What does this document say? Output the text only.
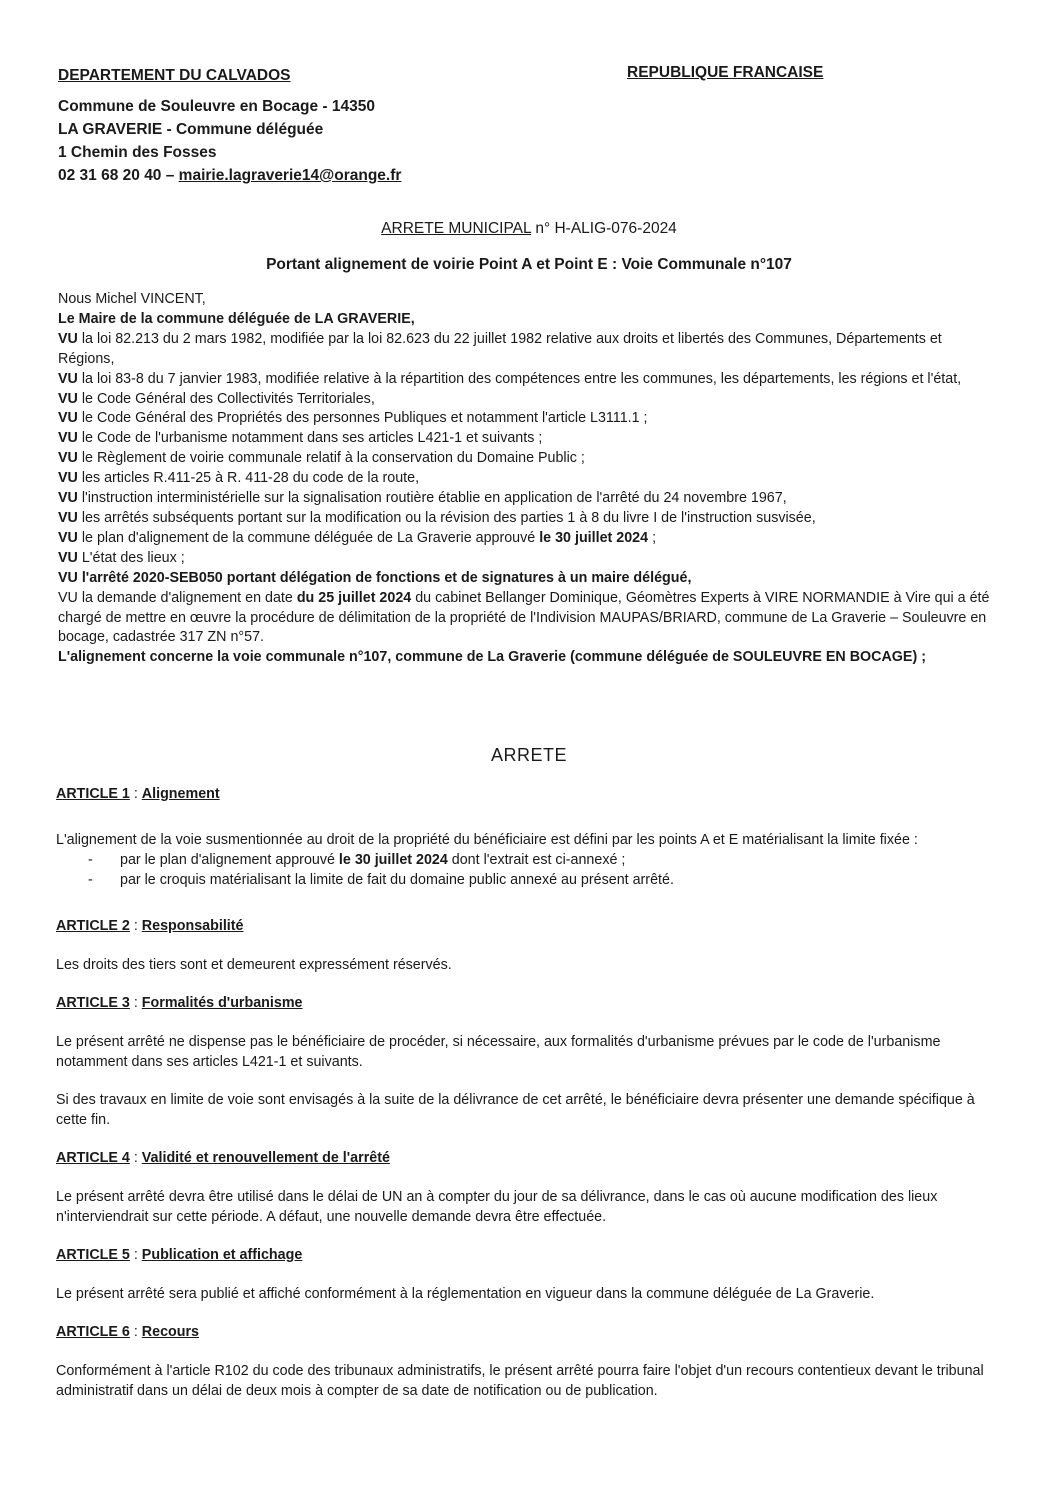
DEPARTEMENT DU CALVADOS
Commune de Souleuvre en Bocage - 14350
LA GRAVERIE - Commune déléguée
1 Chemin des Fosses
02 31 68 20 40 – mairie.lagraverie14@orange.fr
REPUBLIQUE FRANCAISE
ARRETE MUNICIPAL n° H-ALIG-076-2024
Portant alignement de voirie Point A et Point E : Voie Communale n°107

Nous Michel VINCENT,

Le Maire de la commune déléguée de LA GRAVERIE,

VU la loi 82.213 du 2 mars 1982, modifiée par la loi 82.623 du 22 juillet 1982 relative aux droits et libertés des Communes, Départements et Régions,

VU la loi 83-8 du 7 janvier 1983, modifiée relative à la répartition des compétences entre les communes, les départements, les régions et l'état,

VU le Code Général des Collectivités Territoriales,

VU le Code Général des Propriétés des personnes Publiques et notamment l'article L3111.1 ;

VU le Code de l'urbanisme notamment dans ses articles L421-1 et suivants ;

VU le Règlement de voirie communale relatif à la conservation du Domaine Public ;

VU les articles R.411-25 à R. 411-28 du code de la route,

VU l'instruction interministérielle sur la signalisation routière établie en application de l'arrêté du 24 novembre 1967,

VU les arrêtés subséquents portant sur la modification ou la révision des parties 1 à 8 du livre I de l'instruction susvisée,

VU le plan d'alignement de la commune déléguée de La Graverie approuvé le 30 juillet 2024 ;

VU L'état des lieux ;

VU l'arrêté 2020-SEB050 portant délégation de fonctions et de signatures à un maire délégué,

VU la demande d'alignement en date du 25 juillet 2024 du cabinet Bellanger Dominique, Géomètres Experts à VIRE NORMANDIE à Vire qui a été chargé de mettre en œuvre la procédure de délimitation de la propriété de l'Indivision MAUPAS/BRIARD, commune de La Graverie – Souleuvre en bocage, cadastrée 317 ZN n°57.

L'alignement concerne la voie communale n°107, commune de La Graverie (commune déléguée de SOULEUVRE EN BOCAGE) ;

ARRETE

ARTICLE 1 : Alignement

L'alignement de la voie susmentionnée au droit de la propriété du bénéficiaire est défini par les points A et E matérialisant la limite fixée :

- par le plan d'alignement approuvé le 30 juillet 2024 dont l'extrait est ci-annexé ;
- par le croquis matérialisant la limite de fait du domaine public annexé au présent arrêté.

ARTICLE 2 : Responsabilité

Les droits des tiers sont et demeurent expressément réservés.

ARTICLE 3 : Formalités d'urbanisme

Le présent arrêté ne dispense pas le bénéficiaire de procéder, si nécessaire, aux formalités d'urbanisme prévues par le code de l'urbanisme notamment dans ses articles L421-1 et suivants.

Si des travaux en limite de voie sont envisagés à la suite de la délivrance de cet arrêté, le bénéficiaire devra présenter une demande spécifique à cette fin.

ARTICLE 4 : Validité et renouvellement de l'arrêté

Le présent arrêté devra être utilisé dans le délai de UN an à compter du jour de sa délivrance, dans le cas où aucune modification des lieux n'interviendrait sur cette période. A défaut, une nouvelle demande devra être effectuée.

ARTICLE 5 : Publication et affichage

Le présent arrêté sera publié et affiché conformément à la réglementation en vigueur dans la commune déléguée de La Graverie.

ARTICLE 6 : Recours

Conformément à l'article R102 du code des tribunaux administratifs, le présent arrêté pourra faire l'objet d'un recours contentieux devant le tribunal administratif dans un délai de deux mois à compter de sa date de notification ou de publication.
